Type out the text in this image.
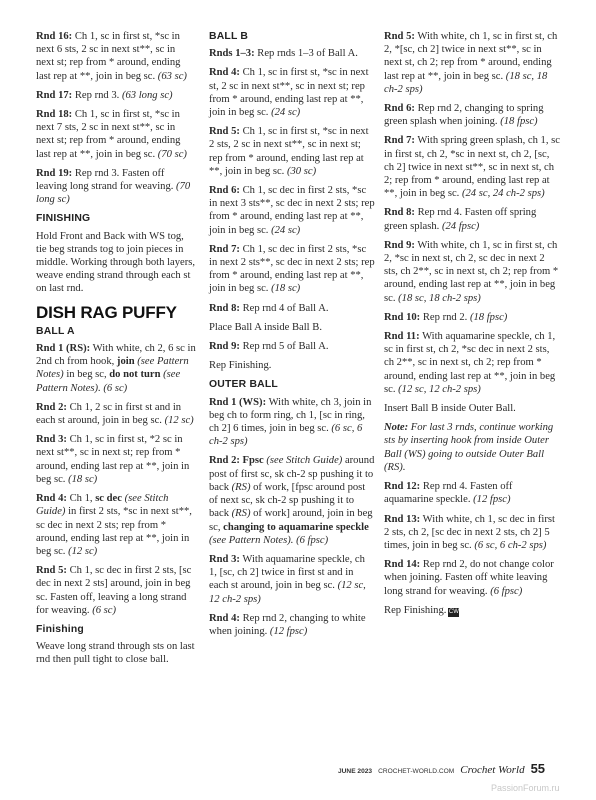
Rnd 16: Ch 1, sc in first st, *sc in next 6 sts, 2 sc in next st**, sc in next st; rep from * around, ending last rep at **, join in beg sc. (63 sc)

Rnd 17: Rep rnd 3. (63 long sc)

Rnd 18: Ch 1, sc in first st, *sc in next 7 sts, 2 sc in next st**, sc in next st; rep from * around, ending last rep at **, join in beg sc. (70 sc)

Rnd 19: Rep rnd 3. Fasten off leaving long strand for weaving. (70 long sc)

FINISHING

Hold Front and Back with WS tog, tie beg strands tog to join pieces in middle. Working through both layers, weave ending strand through each st on last rnd.

DISH RAG PUFFY
BALL A

Rnd 1 (RS): With white, ch 2, 6 sc in 2nd ch from hook, join (see Pattern Notes) in beg sc, do not turn (see Pattern Notes). (6 sc)

Rnd 2: Ch 1, 2 sc in first st and in each st around, join in beg sc. (12 sc)

Rnd 3: Ch 1, sc in first st, *2 sc in next st**, sc in next st; rep from * around, ending last rep at **, join in beg sc. (18 sc)

Rnd 4: Ch 1, sc dec (see Stitch Guide) in first 2 sts, *sc in next st**, sc dec in next 2 sts; rep from * around, ending last rep at **, join in beg sc. (12 sc)

Rnd 5: Ch 1, sc dec in first 2 sts, [sc dec in next 2 sts] around, join in beg sc. Fasten off, leaving a long strand for weaving. (6 sc)

Finishing

Weave long strand through sts on last rnd then pull tight to close ball.

BALL B

Rnds 1–3: Rep rnds 1–3 of Ball A.

Rnd 4: Ch 1, sc in first st, *sc in next st, 2 sc in next st**, sc in next st; rep from * around, ending last rep at **, join in beg sc. (24 sc)

Rnd 5: Ch 1, sc in first st, *sc in next 2 sts, 2 sc in next st**, sc in next st; rep from * around, ending last rep at **, join in beg sc. (30 sc)

Rnd 6: Ch 1, sc dec in first 2 sts, *sc in next 3 sts**, sc dec in next 2 sts; rep from * around, ending last rep at **, join in beg sc. (24 sc)

Rnd 7: Ch 1, sc dec in first 2 sts, *sc in next 2 sts**, sc dec in next 2 sts; rep from * around, ending last rep at **, join in beg sc. (18 sc)

Rnd 8: Rep rnd 4 of Ball A.

Place Ball A inside Ball B.

Rnd 9: Rep rnd 5 of Ball A.

Rep Finishing.

OUTER BALL

Rnd 1 (WS): With white, ch 3, join in beg ch to form ring, ch 1, [sc in ring, ch 2] 6 times, join in beg sc. (6 sc, 6 ch-2 sps)

Rnd 2: Fpsc (see Stitch Guide) around post of first sc, sk ch-2 sp pushing it to back (RS) of work, [fpsc around post of next sc, sk ch-2 sp pushing it to back (RS) of work] around, join in beg sc, changing to aquamarine speckle (see Pattern Notes). (6 fpsc)

Rnd 3: With aquamarine speckle, ch 1, [sc, ch 2] twice in first st and in each st around, join in beg sc. (12 sc, 12 ch-2 sps)

Rnd 4: Rep rnd 2, changing to white when joining. (12 fpsc)

Rnd 5: With white, ch 1, sc in first st, ch 2, *[sc, ch 2] twice in next st**, sc in next st, ch 2; rep from * around, ending last rep at **, join in beg sc. (18 sc, 18 ch-2 sps)

Rnd 6: Rep rnd 2, changing to spring green splash when joining. (18 fpsc)

Rnd 7: With spring green splash, ch 1, sc in first st, ch 2, *sc in next st, ch 2, [sc, ch 2] twice in next st**, sc in next st, ch 2; rep from * around, ending last rep at **, join in beg sc. (24 sc, 24 ch-2 sps)

Rnd 8: Rep rnd 4. Fasten off spring green splash. (24 fpsc)

Rnd 9: With white, ch 1, sc in first st, ch 2, *sc in next st, ch 2, sc dec in next 2 sts, ch 2**, sc in next st, ch 2; rep from * around, ending last rep at **, join in beg sc. (18 sc, 18 ch-2 sps)

Rnd 10: Rep rnd 2. (18 fpsc)

Rnd 11: With aquamarine speckle, ch 1, sc in first st, ch 2, *sc dec in next 2 sts, ch 2**, sc in next st, ch 2; rep from * around, ending last rep at **, join in beg sc. (12 sc, 12 ch-2 sps)

Insert Ball B inside Outer Ball.

Note: For last 3 rnds, continue working sts by inserting hook from inside Outer Ball (WS) going to outside Outer Ball (RS).

Rnd 12: Rep rnd 4. Fasten off aquamarine speckle. (12 fpsc)

Rnd 13: With white, ch 1, sc dec in first 2 sts, ch 2, [sc dec in next 2 sts, ch 2] 5 times, join in beg sc. (6 sc, 6 ch-2 sps)

Rnd 14: Rep rnd 2, do not change color when joining. Fasten off white leaving long strand for weaving. (6 fpsc)

Rep Finishing. CW

JUNE 2023 CROCHET-WORLD.COM Crochet World 55
PassionForum.ru
